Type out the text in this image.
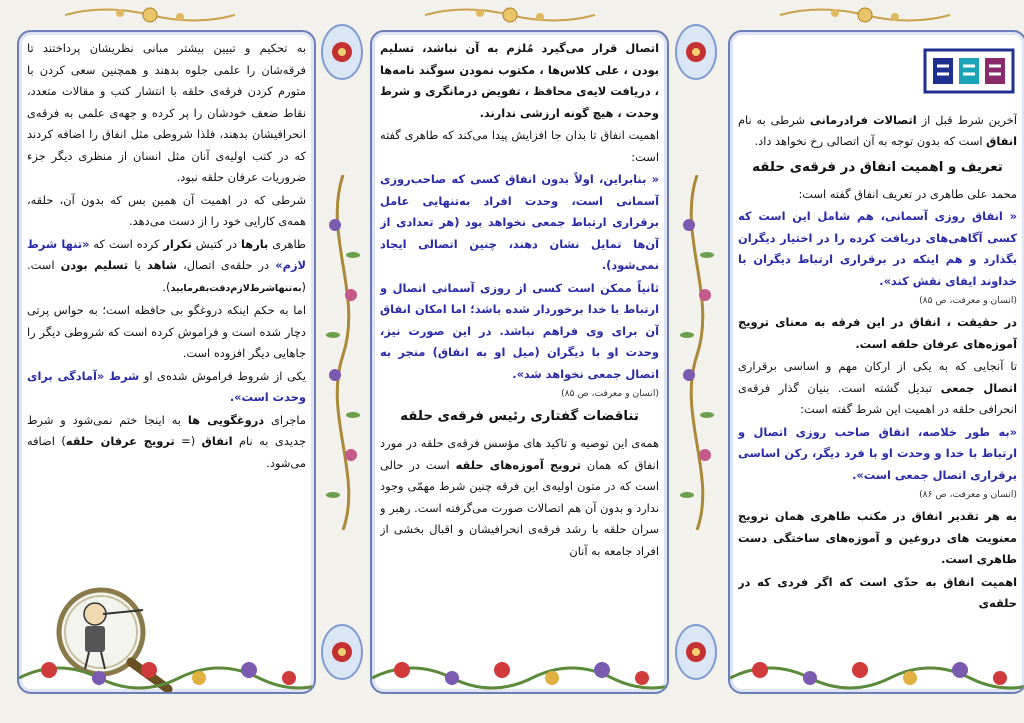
آخرین شرط قبل از اتصالات فرادرمانی شرطی به نام انفاق است که بدون توجه به آن اتصالی رخ نخواهد داد.

تعریف و اهمیت انفاق در فرقه‌ی حلقه

محمد علی طاهری در تعریف انفاق گفته است:

« انفاق روزی آسمانی، هم شامل این است که کسی آگاهی‌های دریافت کرده را در اختیار دیگران بگذارد و هم اینکه در برقراری ارتباط دیگران با خداوند ایفای نقش کند».

(انسان و معرفت، ص ۸۵)

در حقیقت ، انفاق در این فرقه به معنای ترویج آموزه‌های عرفان حلقه است.

تا آنجایی که به یکی از ارکان مهم و اساسی برقراری اتصال جمعی تبدیل گشته است. بنیان گذار فرقه‌ی انحرافی حلقه در اهمیت این شرط گفته است:

«به طور خلاصه، انفاق صاحب روزی اتصال و ارتباط با خدا و وحدت او با فرد دیگر، رکن اساسی برقراری اتصال جمعی است».

(انسان و معرفت، ص ۸۶)

به هر تقدیر انفاق در مکتب طاهری همان ترویج معنویت های دروغین و آموزه‌های ساختگی دست طاهری است.

اهمیت انفاق به حدّی است که اگر فردی که در حلقه‌ی

اتصال قرار می‌گیرد مُلزم به آن نباشد، تسلیم بودن ، علی کلاس‌ها ، مکتوب نمودن سوگند نامه‌ها ، دریافت لایه‌ی محافظ ، تفویض درمانگری و شرط وحدت ، هیچ گونه ارزشی ندارند.

اهمیت انفاق تا بدان جا افزایش پیدا می‌کند که طاهری گفته است:

« بنابراین، اولاً بدون انفاق کسی که صاحب‌روزی آسمانی است، وحدت افراد به‌تنهایی عامل برقراری ارتباط جمعی نخواهد بود (هر تعدادی از آن‌ها تمایل نشان دهند، چنین اتصالی ایجاد نمی‌شود).

ثانیاً ممکن است کسی از روزی آسمانی اتصال و ارتباط با خدا برخوردار شده باشد؛ اما امکان انفاق آن برای وی فراهم نباشد. در این صورت نیز، وحدت او با دیگران (میل او به انفاق) منجر به اتصال جمعی نخواهد شد».

(انسان و معرفت، ص ۸۵)

تناقضات گفتاری رئیس فرقه‌ی حلقه

همه‌ی این توصیه و تاکید های مؤسس فرقه‌ی حلقه در مورد انفاق که همان ترویج آموزه‌های حلقه است در حالی است که در متون اولیه‌ی این فرقه چنین شرط مهمّی وجود ندارد و بدون آن هم اتصالات صورت می‌گرفته است. رهبر و سران حلقه با رشد فرقه‌ی انحرافیشان و اقبال بخشی از افراد جامعه به آنان

به تحکیم و تبیین بیشتر مبانی نظریشان پرداختند تا فرقه‌شان را علمی جلوه بدهند و همچنین سعی کردن با متورم کردن فرقه‌ی حلقه با انتشار کتب و مقالات متعدد، نقاط ضعف خودشان را پر کرده و جهه‌ی علمی به فرقه‌ی انحرافیشان بدهند، فلذا شروطی مثل انفاق را اضافه کردند که در کتب اولیه‌ی آنان مثل انسان از منظری دیگر جزء ضروریات عرفان حلقه نبود.

شرطی که در اهمیت آن همین بس که بدون آن، حلقه، همه‌ی کارایی خود را از دست می‌دهد.

طاهری بارها در کتبش تکرار کرده است که «تنها شرط لازم» در حلقه‌ی اتصال، شاهد یا تسلیم بودن است. (به‌تنهاشرط‌لازم‌دقت‌بفرمایید).

اما به حکم اینکه دروغگو بی حافظه است؛ به حواس پرتی دچار شده است و فراموش کرده است که شروطی دیگر را جاهایی دیگر افزوده است.

یکی از شروط فراموش شده‌ی او شرط «آمادگی برای وحدت است».

ماجرای دروغگویی ها به اینجا ختم نمی‌شود و شرط جدیدی به نام انفاق (= ترویج عرفان حلقه) اضافه می‌شود.
